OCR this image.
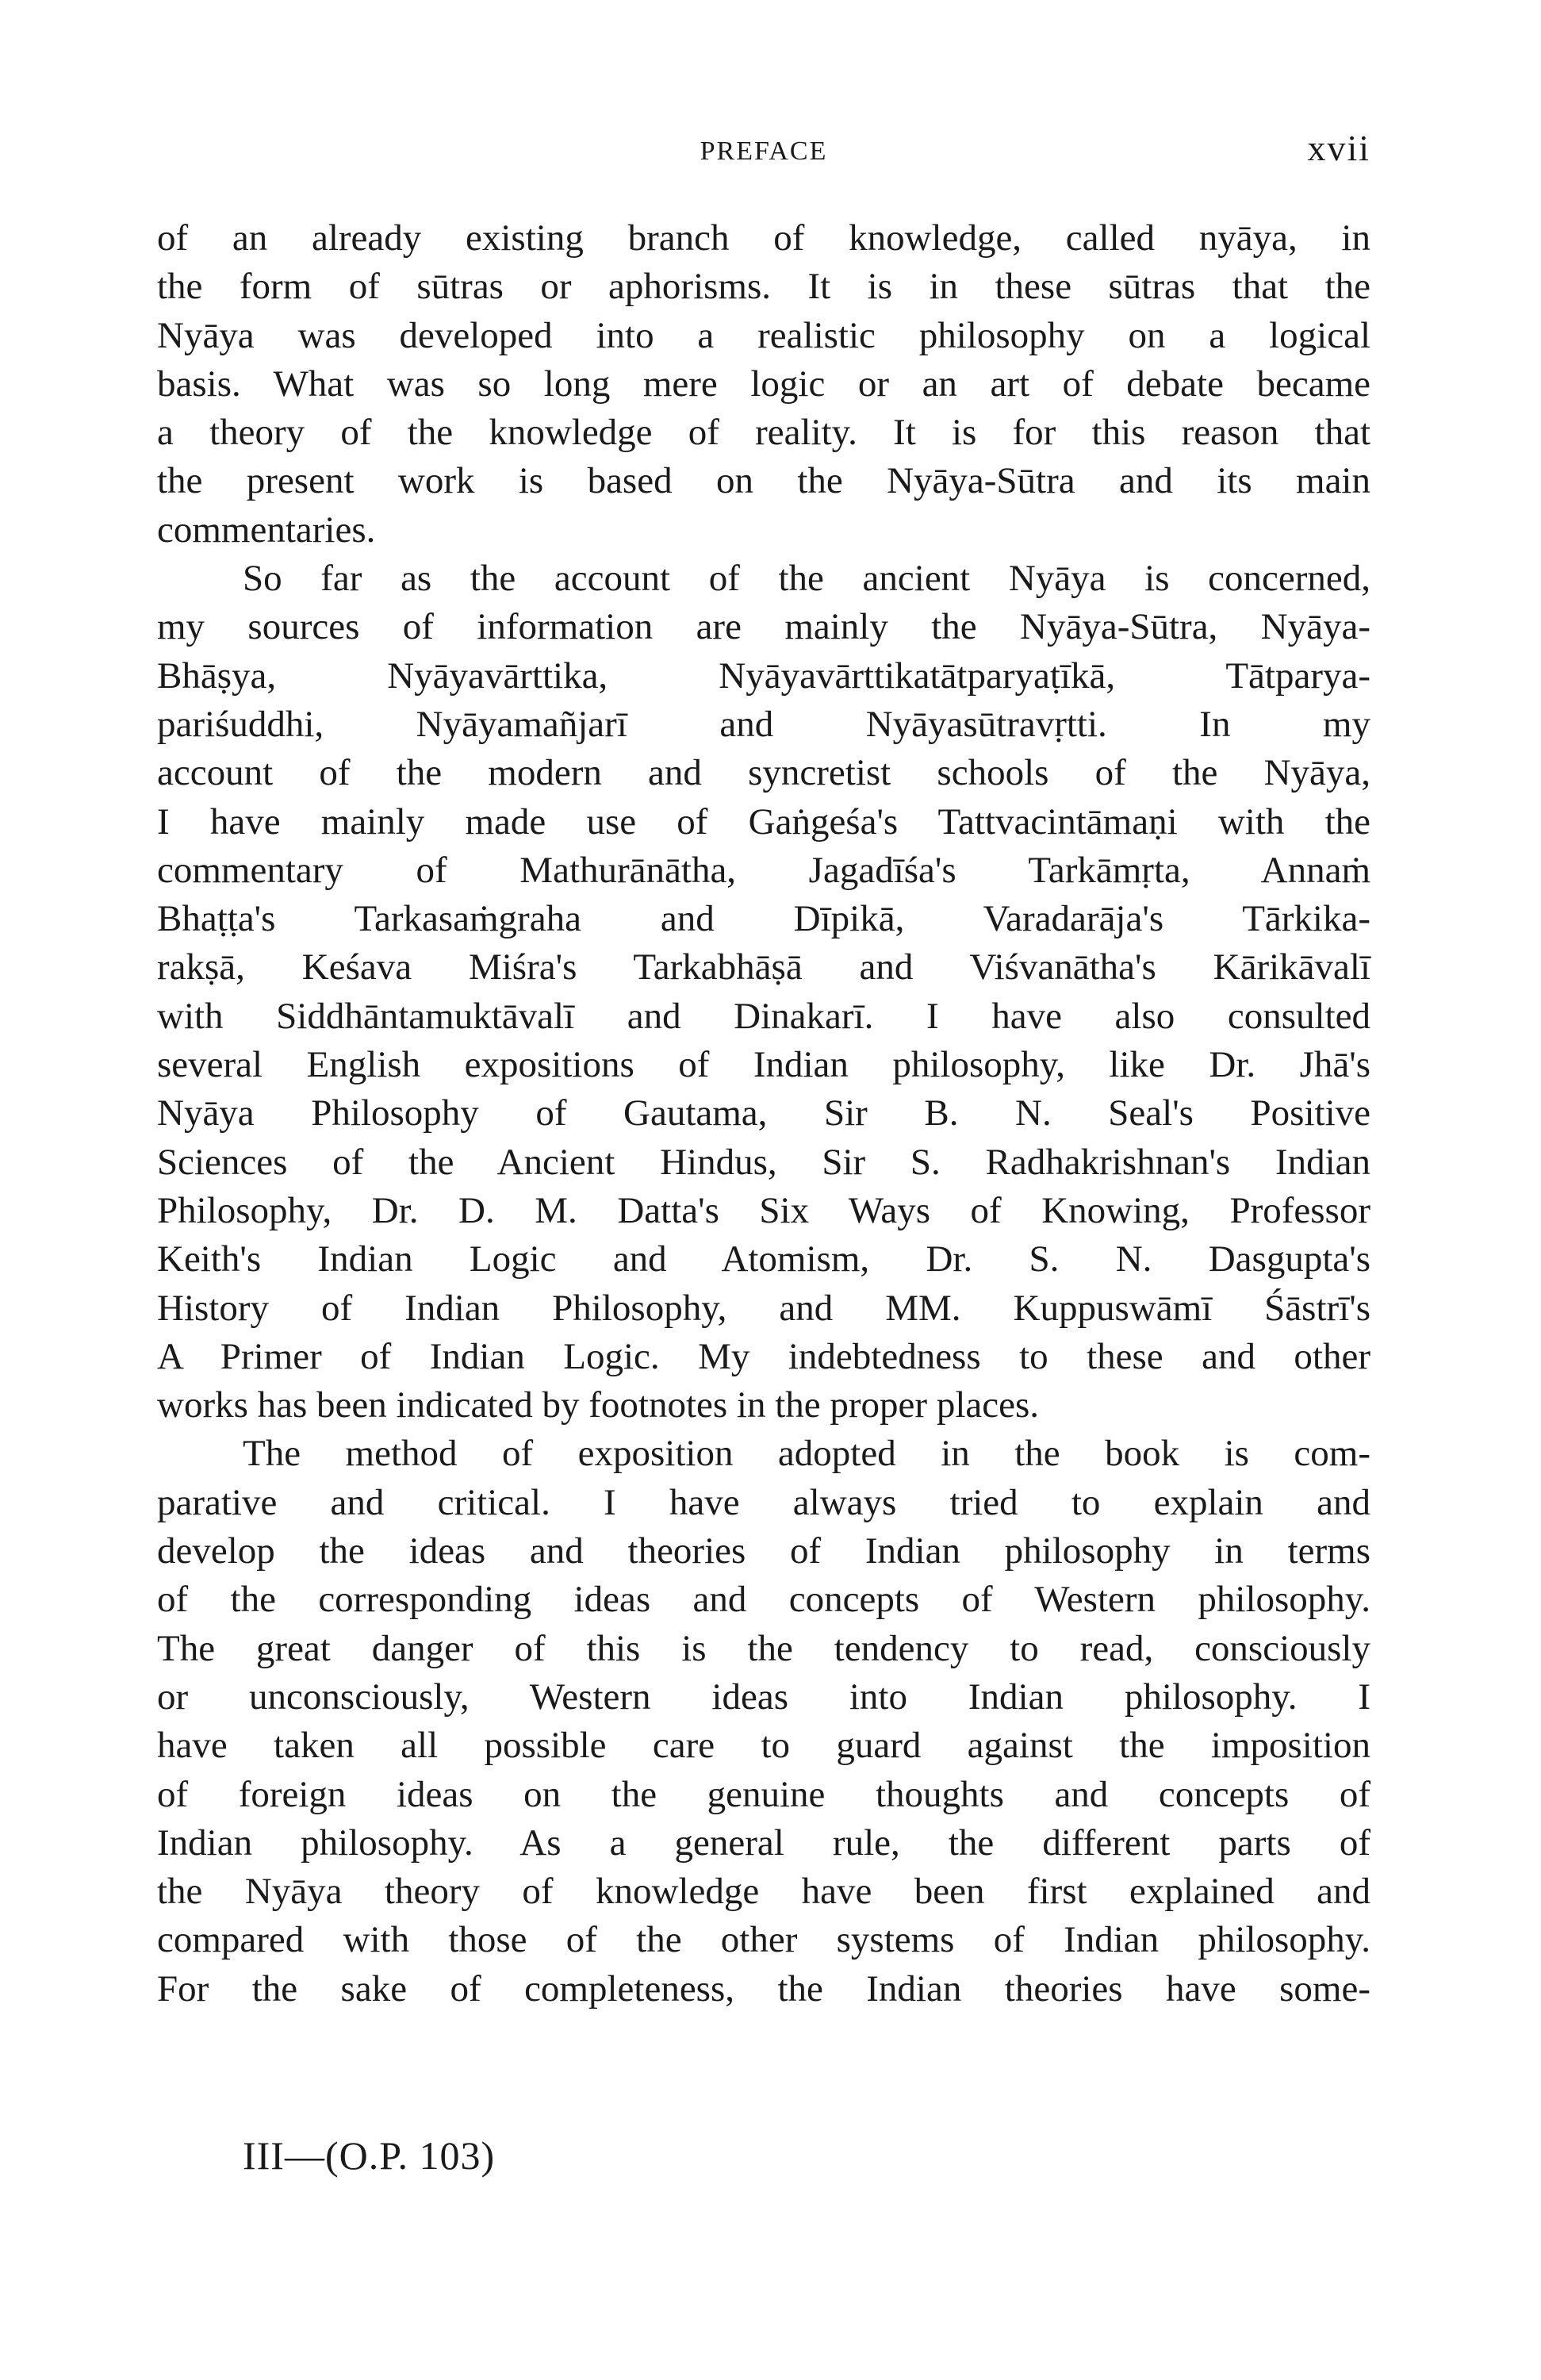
PREFACE	xvii
of an already existing branch of knowledge, called nyāya, in
the form of sūtras or aphorisms. It is in these sūtras that the
Nyāya was developed into a realistic philosophy on a logical
basis. What was so long mere logic or an art of debate became
a theory of the knowledge of reality. It is for this reason that
the present work is based on the Nyāya-Sūtra and its main
commentaries.
So far as the account of the ancient Nyāya is concerned,
my sources of information are mainly the Nyāya-Sūtra, Nyāya-
Bhāṣya, Nyāyavārttika, Nyāyavārttikatātparyaṭīkā, Tātparya-
pariśuddhi, Nyāyamañjarī and Nyāyasūtravṛtti. In my
account of the modern and syncretist schools of the Nyāya,
I have mainly made use of Gaṅgeśa's Tattvacintāmaṇi with the
commentary of Mathurānātha, Jagadīśa's Tarkāmṛta, Annaṁ
Bhaṭṭa's Tarkasaṁgraha and Dīpikā, Varadarāja's Tārkika-
rakṣā, Keśava Miśra's Tarkabhāṣā and Viśvanātha's Kārikāvalī
with Siddhāntamuktāvalī and Dinakarī. I have also consulted
several English expositions of Indian philosophy, like Dr. Jhā's
Nyāya Philosophy of Gautama, Sir B. N. Seal's Positive
Sciences of the Ancient Hindus, Sir S. Radhakrishnan's Indian
Philosophy, Dr. D. M. Datta's Six Ways of Knowing, Professor
Keith's Indian Logic and Atomism, Dr. S. N. Dasgupta's
History of Indian Philosophy, and MM. Kuppuswāmī Śāstrī's
A Primer of Indian Logic. My indebtedness to these and other
works has been indicated by footnotes in the proper places.
The method of exposition adopted in the book is com-
parative and critical. I have always tried to explain and
develop the ideas and theories of Indian philosophy in terms
of the corresponding ideas and concepts of Western philosophy.
The great danger of this is the tendency to read, consciously
or unconsciously, Western ideas into Indian philosophy. I
have taken all possible care to guard against the imposition
of foreign ideas on the genuine thoughts and concepts of
Indian philosophy. As a general rule, the different parts of
the Nyāya theory of knowledge have been first explained and
compared with those of the other systems of Indian philosophy.
For the sake of completeness, the Indian theories have some-
III—(O.P. 103)
